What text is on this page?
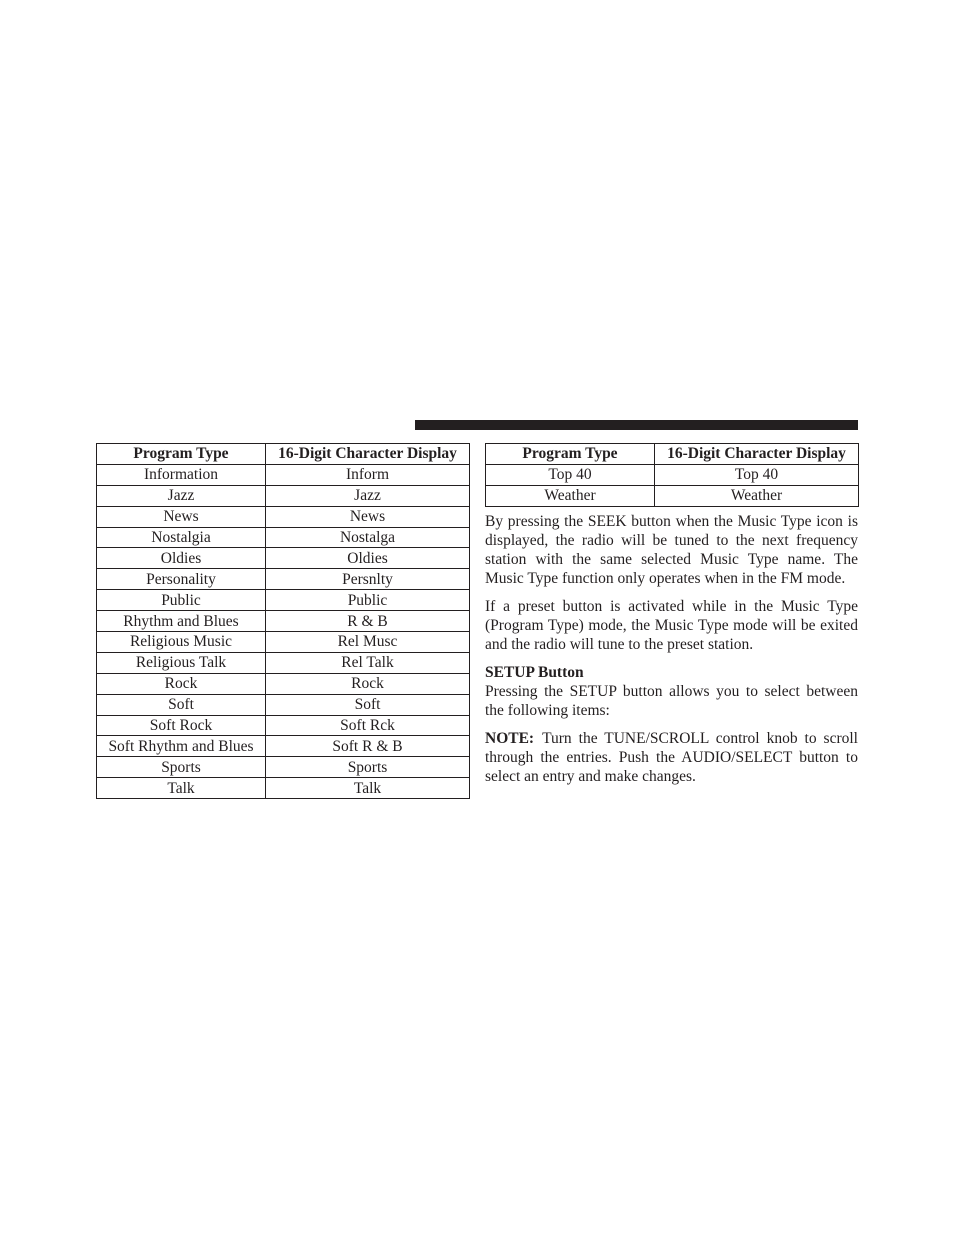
Program Type	16-Digit Character Display
Information	Inform
Jazz	Jazz
News	News
Nostalgia	Nostalga
Oldies	Oldies
Personality	Persnlty
Public	Public
Rhythm and Blues	R & B
Religious Music	Rel Musc
Religious Talk	Rel Talk
Rock	Rock
Soft	Soft
Soft Rock	Soft Rck
Soft Rhythm and Blues	Soft R & B
Sports	Sports
Talk	Talk
Program Type	16-Digit Character Display
Top 40	Top 40
Weather	Weather

By pressing the SEEK button when the Music Type icon is displayed, the radio will be tuned to the next frequency station with the same selected Music Type name. The Music Type function only operates when in the FM mode.

If a preset button is activated while in the Music Type (Program Type) mode, the Music Type mode will be exited and the radio will tune to the preset station.

SETUP Button

Pressing the SETUP button allows you to select between the following items:

NOTE: Turn the TUNE/SCROLL control knob to scroll through the entries. Push the AUDIO/SELECT button to select an entry and make changes.
